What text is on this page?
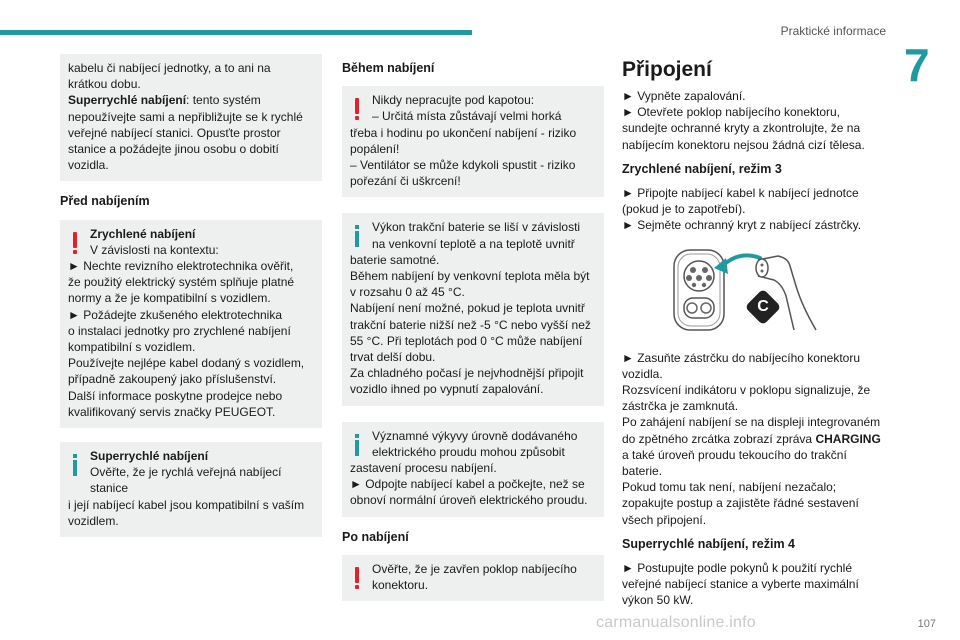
Praktické informace
7
kabelu či nabíjecí jednotky, a to ani na
krátkou dobu.
Superrychlé nabíjení: tento systém
nepoužívejte sami a nepřibližujte se k rychlé
veřejné nabíjecí stanici. Opusťte prostor
stanice a požádejte jinou osobu o dobití
vozidla.
Před nabíjením
Zrychlené nabíjení
V závislosti na kontextu:
► Nechte revizního elektrotechnika ověřit,
že použitý elektrický systém splňuje platné
normy a že je kompatibilní s vozidlem.
► Požádejte zkušeného elektrotechnika
o instalaci jednotky pro zrychlené nabíjení
kompatibilní s vozidlem.
Používejte nejlépe kabel dodaný s vozidlem,
případně zakoupený jako příslušenství.
Další informace poskytne prodejce nebo
kvalifikovaný servis značky PEUGEOT.
Superrychlé nabíjení
Ověřte, že je rychlá veřejná nabíjecí stanice
i její nabíjecí kabel jsou kompatibilní s vaším
vozidlem.
Během nabíjení
Nikdy nepracujte pod kapotou:
– Určitá místa zůstávají velmi horká
třeba i hodinu po ukončení nabíjení - riziko
popálení!
– Ventilátor se může kdykoli spustit - riziko
pořezání či uškrcení!
Výkon trakční baterie se liší v závislosti
na venkovní teplotě a na teplotě uvnitř
baterie samotné.
Během nabíjení by venkovní teplota měla být
v rozsahu 0 až 45 °C.
Nabíjení není možné, pokud je teplota uvnitř
trakční baterie nižší než -5 °C nebo vyšší než
55 °C. Při teplotách pod 0 °C může nabíjení
trvat delší dobu.
Za chladného počasí je nejvhodnější připojit
vozidlo ihned po vypnutí zapalování.
Významné výkyvy úrovně dodávaného
elektrického proudu mohou způsobit
zastavení procesu nabíjení.
► Odpojte nabíjecí kabel a počkejte, než se
obnoví normální úroveň elektrického proudu.
Po nabíjení
Ověřte, že je zavřen poklop nabíjecího
konektoru.
Připojení
► Vypněte zapalování.
► Otevřete poklop nabíjecího konektoru,
sundejte ochranné kryty a zkontrolujte, že na
nabíjecím konektoru nejsou žádná cizí tělesa.
Zrychlené nabíjení, režim 3
► Připojte nabíjecí kabel k nabíjecí jednotce
(pokud je to zapotřebí).
► Sejměte ochranný kryt z nabíjecí zástrčky.
C
► Zasuňte zástrčku do nabíjecího konektoru
vozidla.
Rozsvícení indikátoru v poklopu signalizuje, že
zástrčka je zamknutá.
Po zahájení nabíjení se na displeji integrovaném
do zpětného zrcátka zobrazí zpráva CHARGING
a také úroveň proudu tekoucího do trakční
baterie.
Pokud tomu tak není, nabíjení nezačalo;
zopakujte postup a zajistěte řádné sestavení
všech připojení.
Superrychlé nabíjení, režim 4
► Postupujte podle pokynů k použití rychlé
veřejné nabíjecí stanice a vyberte maximální
výkon 50 kW.
carmanualsonline.info	107
